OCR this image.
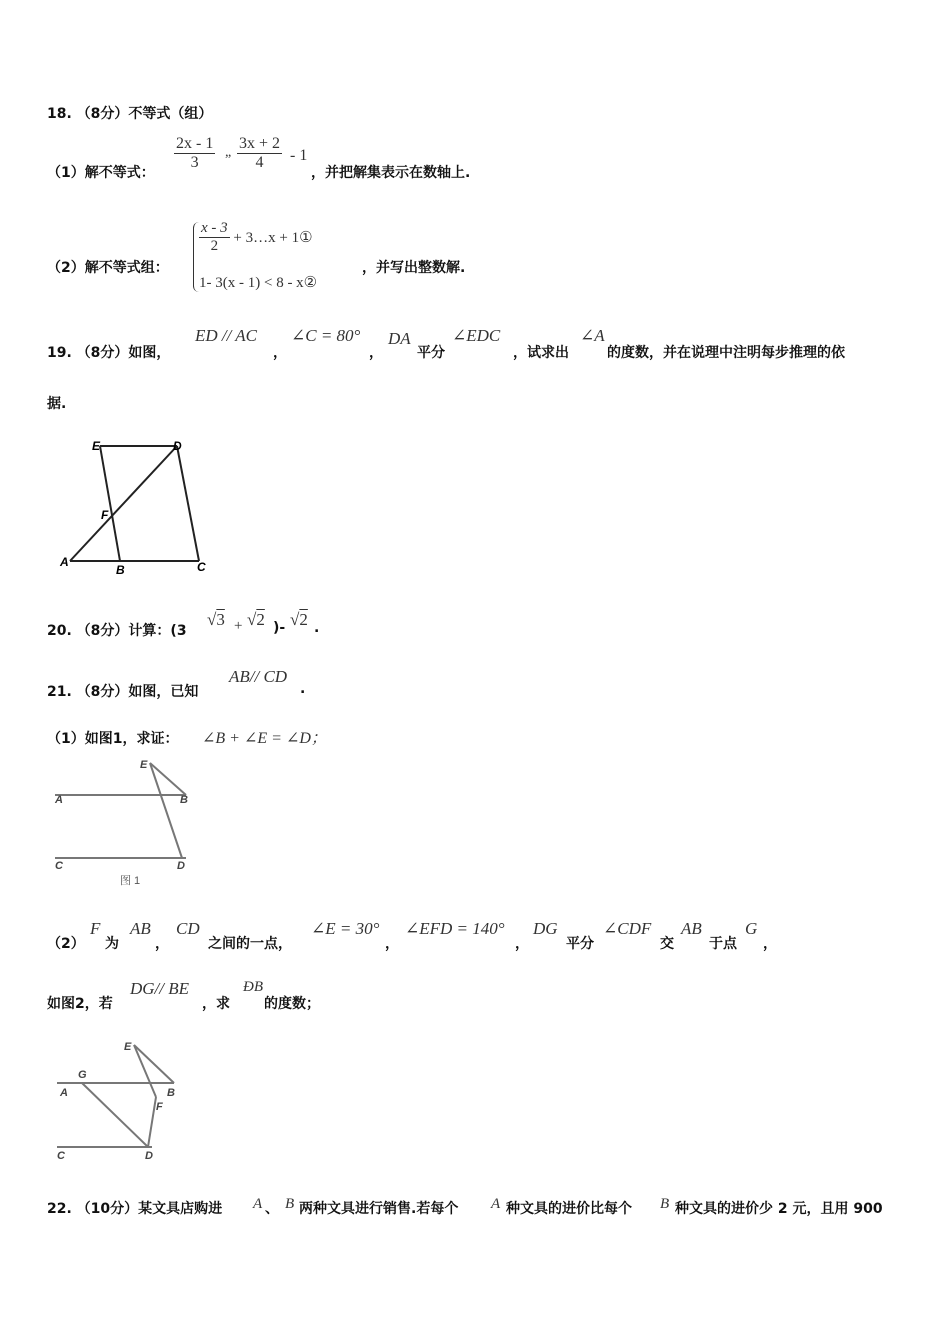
18. （8分）不等式（组）
（1）解不等式：
$\frac{2x - 1}{3}$ „ $\frac{3x + 2}{4} - 1$
，并把解集表示在数轴上.
（2）解不等式组：
$\frac{x - 3}{2}$ + 3…x + 1①
1- 3(x - 1) < 8 - x②
，并写出整数解.
19. （8分）如图，
ED // AC
，
∠C = 80°
，
DA
平分
∠EDC
，试求出
∠A
的度数，并在说理中注明每步推理的依
据.
E	D
F
A
B	C
20. （8分）计算：(3
√3 + √2 )- √2 .
21. （8分）如图，已知
AB// CD
.
（1）如图1，求证： ∠B + ∠E = ∠D；
E
A	B
C	D
图 1
（2）
F
为
AB
，
CD
之间的一点，
∠E = 30°
，
∠EFD = 140°
，
DG
平分
∠CDF
交
AB
于点
G
，
如图2，若
DG// BE
，求
ÐB
的度数；
E
G
A	B
F
C	D
22. （10分）某文具店购进 A 、 B 两种文具进行销售.若每个 A 种文具的进价比每个 B 种文具的进价少 2 元，且用 900
